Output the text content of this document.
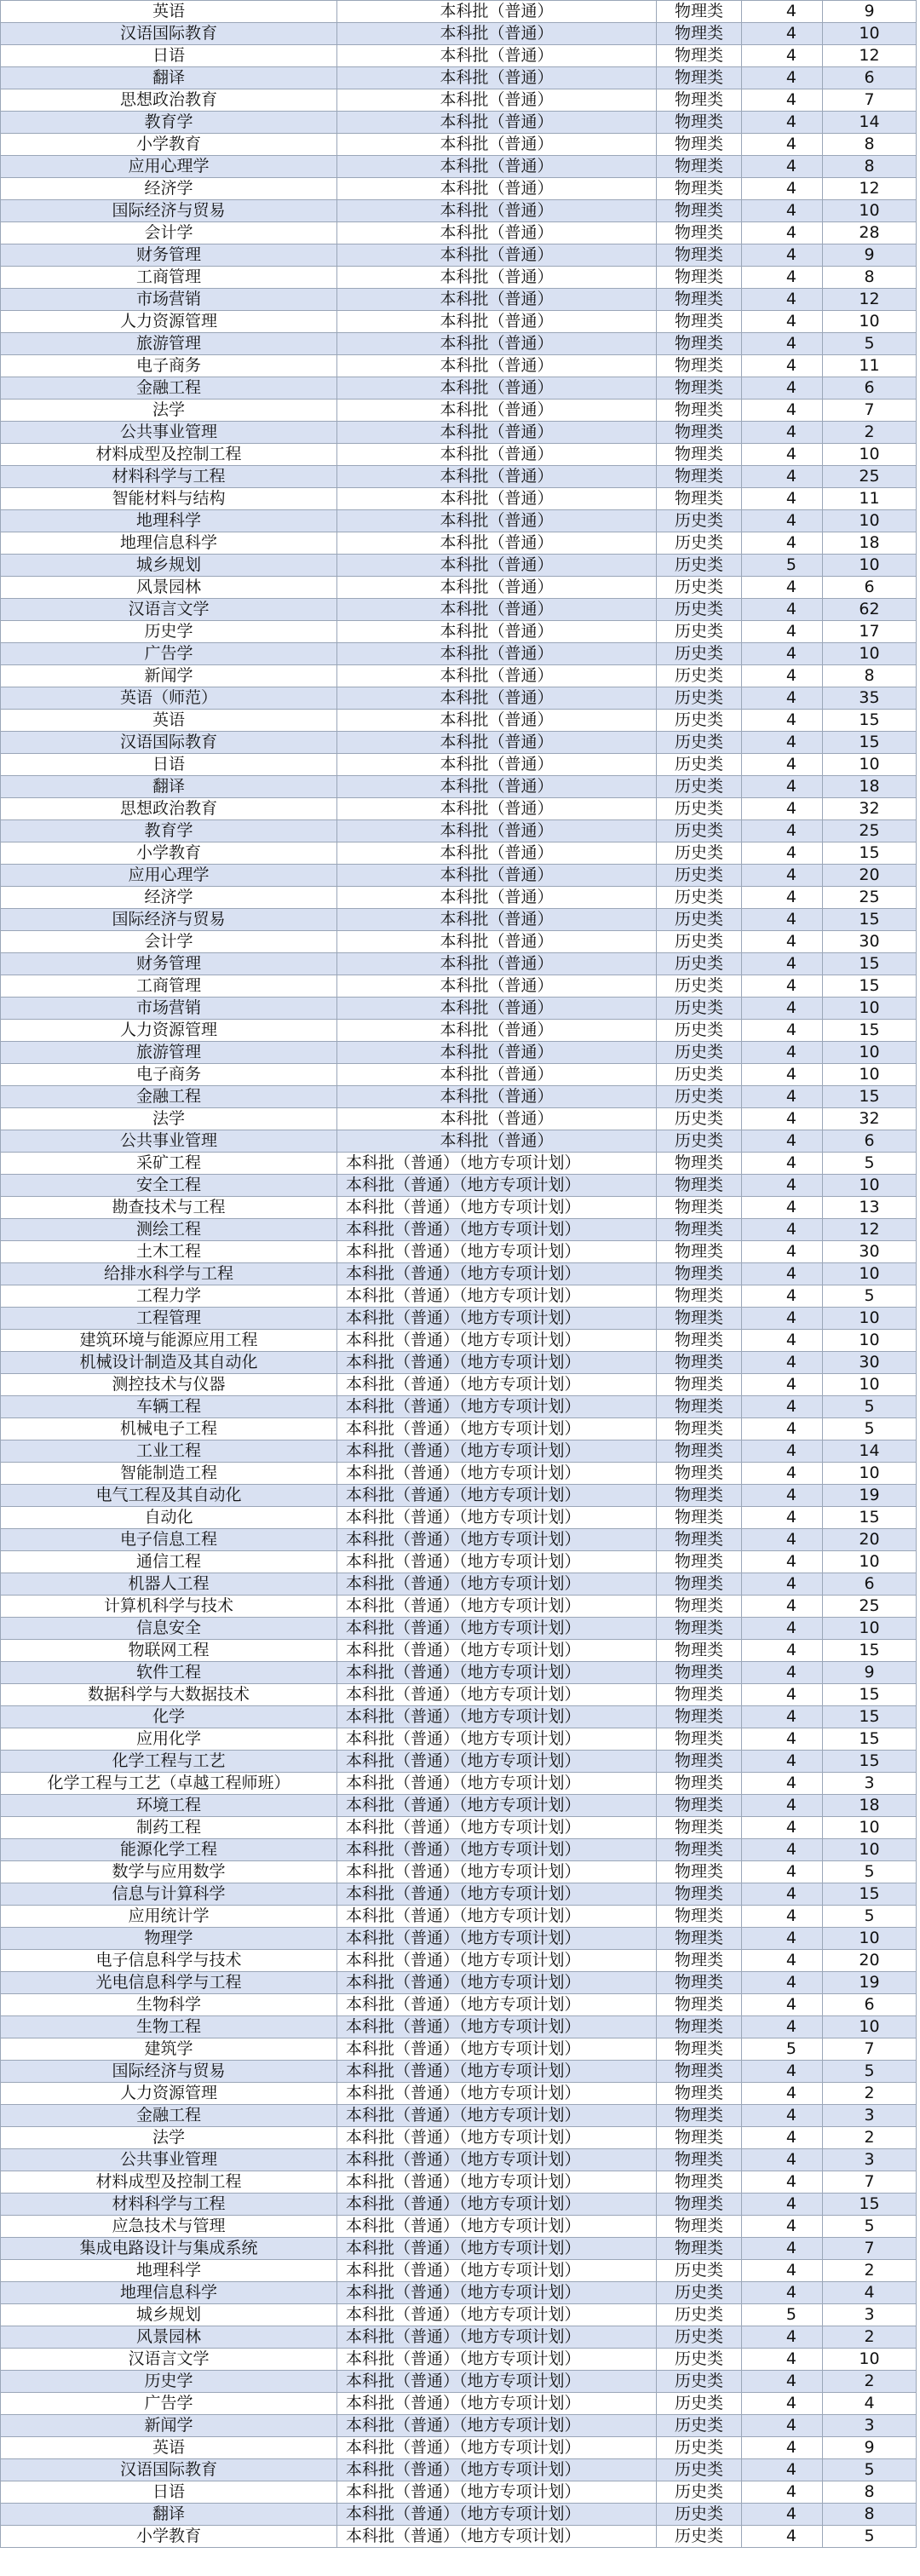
英语	本科批（普通）	物理类	4	9
汉语国际教育	本科批（普通）	物理类	4	10
日语	本科批（普通）	物理类	4	12
翻译	本科批（普通）	物理类	4	6
思想政治教育	本科批（普通）	物理类	4	7
教育学	本科批（普通）	物理类	4	14
小学教育	本科批（普通）	物理类	4	8
应用心理学	本科批（普通）	物理类	4	8
经济学	本科批（普通）	物理类	4	12
国际经济与贸易	本科批（普通）	物理类	4	10
会计学	本科批（普通）	物理类	4	28
财务管理	本科批（普通）	物理类	4	9
工商管理	本科批（普通）	物理类	4	8
市场营销	本科批（普通）	物理类	4	12
人力资源管理	本科批（普通）	物理类	4	10
旅游管理	本科批（普通）	物理类	4	5
电子商务	本科批（普通）	物理类	4	11
金融工程	本科批（普通）	物理类	4	6
法学	本科批（普通）	物理类	4	7
公共事业管理	本科批（普通）	物理类	4	2
材料成型及控制工程	本科批（普通）	物理类	4	10
材料科学与工程	本科批（普通）	物理类	4	25
智能材料与结构	本科批（普通）	物理类	4	11
地理科学	本科批（普通）	历史类	4	10
地理信息科学	本科批（普通）	历史类	4	18
城乡规划	本科批（普通）	历史类	5	10
风景园林	本科批（普通）	历史类	4	6
汉语言文学	本科批（普通）	历史类	4	62
历史学	本科批（普通）	历史类	4	17
广告学	本科批（普通）	历史类	4	10
新闻学	本科批（普通）	历史类	4	8
英语（师范）	本科批（普通）	历史类	4	35
英语	本科批（普通）	历史类	4	15
汉语国际教育	本科批（普通）	历史类	4	15
日语	本科批（普通）	历史类	4	10
翻译	本科批（普通）	历史类	4	18
思想政治教育	本科批（普通）	历史类	4	32
教育学	本科批（普通）	历史类	4	25
小学教育	本科批（普通）	历史类	4	15
应用心理学	本科批（普通）	历史类	4	20
经济学	本科批（普通）	历史类	4	25
国际经济与贸易	本科批（普通）	历史类	4	15
会计学	本科批（普通）	历史类	4	30
财务管理	本科批（普通）	历史类	4	15
工商管理	本科批（普通）	历史类	4	15
市场营销	本科批（普通）	历史类	4	10
人力资源管理	本科批（普通）	历史类	4	15
旅游管理	本科批（普通）	历史类	4	10
电子商务	本科批（普通）	历史类	4	10
金融工程	本科批（普通）	历史类	4	15
法学	本科批（普通）	历史类	4	32
公共事业管理	本科批（普通）	历史类	4	6
采矿工程	本科批（普通）（地方专项计划）	物理类	4	5
安全工程	本科批（普通）（地方专项计划）	物理类	4	10
勘查技术与工程	本科批（普通）（地方专项计划）	物理类	4	13
测绘工程	本科批（普通）（地方专项计划）	物理类	4	12
土木工程	本科批（普通）（地方专项计划）	物理类	4	30
给排水科学与工程	本科批（普通）（地方专项计划）	物理类	4	10
工程力学	本科批（普通）（地方专项计划）	物理类	4	5
工程管理	本科批（普通）（地方专项计划）	物理类	4	10
建筑环境与能源应用工程	本科批（普通）（地方专项计划）	物理类	4	10
机械设计制造及其自动化	本科批（普通）（地方专项计划）	物理类	4	30
测控技术与仪器	本科批（普通）（地方专项计划）	物理类	4	10
车辆工程	本科批（普通）（地方专项计划）	物理类	4	5
机械电子工程	本科批（普通）（地方专项计划）	物理类	4	5
工业工程	本科批（普通）（地方专项计划）	物理类	4	14
智能制造工程	本科批（普通）（地方专项计划）	物理类	4	10
电气工程及其自动化	本科批（普通）（地方专项计划）	物理类	4	19
自动化	本科批（普通）（地方专项计划）	物理类	4	15
电子信息工程	本科批（普通）（地方专项计划）	物理类	4	20
通信工程	本科批（普通）（地方专项计划）	物理类	4	10
机器人工程	本科批（普通）（地方专项计划）	物理类	4	6
计算机科学与技术	本科批（普通）（地方专项计划）	物理类	4	25
信息安全	本科批（普通）（地方专项计划）	物理类	4	10
物联网工程	本科批（普通）（地方专项计划）	物理类	4	15
软件工程	本科批（普通）（地方专项计划）	物理类	4	9
数据科学与大数据技术	本科批（普通）（地方专项计划）	物理类	4	15
化学	本科批（普通）（地方专项计划）	物理类	4	15
应用化学	本科批（普通）（地方专项计划）	物理类	4	15
化学工程与工艺	本科批（普通）（地方专项计划）	物理类	4	15
化学工程与工艺（卓越工程师班）	本科批（普通）（地方专项计划）	物理类	4	3
环境工程	本科批（普通）（地方专项计划）	物理类	4	18
制药工程	本科批（普通）（地方专项计划）	物理类	4	10
能源化学工程	本科批（普通）（地方专项计划）	物理类	4	10
数学与应用数学	本科批（普通）（地方专项计划）	物理类	4	5
信息与计算科学	本科批（普通）（地方专项计划）	物理类	4	15
应用统计学	本科批（普通）（地方专项计划）	物理类	4	5
物理学	本科批（普通）（地方专项计划）	物理类	4	10
电子信息科学与技术	本科批（普通）（地方专项计划）	物理类	4	20
光电信息科学与工程	本科批（普通）（地方专项计划）	物理类	4	19
生物科学	本科批（普通）（地方专项计划）	物理类	4	6
生物工程	本科批（普通）（地方专项计划）	物理类	4	10
建筑学	本科批（普通）（地方专项计划）	物理类	5	7
国际经济与贸易	本科批（普通）（地方专项计划）	物理类	4	5
人力资源管理	本科批（普通）（地方专项计划）	物理类	4	2
金融工程	本科批（普通）（地方专项计划）	物理类	4	3
法学	本科批（普通）（地方专项计划）	物理类	4	2
公共事业管理	本科批（普通）（地方专项计划）	物理类	4	3
材料成型及控制工程	本科批（普通）（地方专项计划）	物理类	4	7
材料科学与工程	本科批（普通）（地方专项计划）	物理类	4	15
应急技术与管理	本科批（普通）（地方专项计划）	物理类	4	5
集成电路设计与集成系统	本科批（普通）（地方专项计划）	物理类	4	7
地理科学	本科批（普通）（地方专项计划）	历史类	4	2
地理信息科学	本科批（普通）（地方专项计划）	历史类	4	4
城乡规划	本科批（普通）（地方专项计划）	历史类	5	3
风景园林	本科批（普通）（地方专项计划）	历史类	4	2
汉语言文学	本科批（普通）（地方专项计划）	历史类	4	10
历史学	本科批（普通）（地方专项计划）	历史类	4	2
广告学	本科批（普通）（地方专项计划）	历史类	4	4
新闻学	本科批（普通）（地方专项计划）	历史类	4	3
英语	本科批（普通）（地方专项计划）	历史类	4	9
汉语国际教育	本科批（普通）（地方专项计划）	历史类	4	5
日语	本科批（普通）（地方专项计划）	历史类	4	8
翻译	本科批（普通）（地方专项计划）	历史类	4	8
小学教育	本科批（普通）（地方专项计划）	历史类	4	5
